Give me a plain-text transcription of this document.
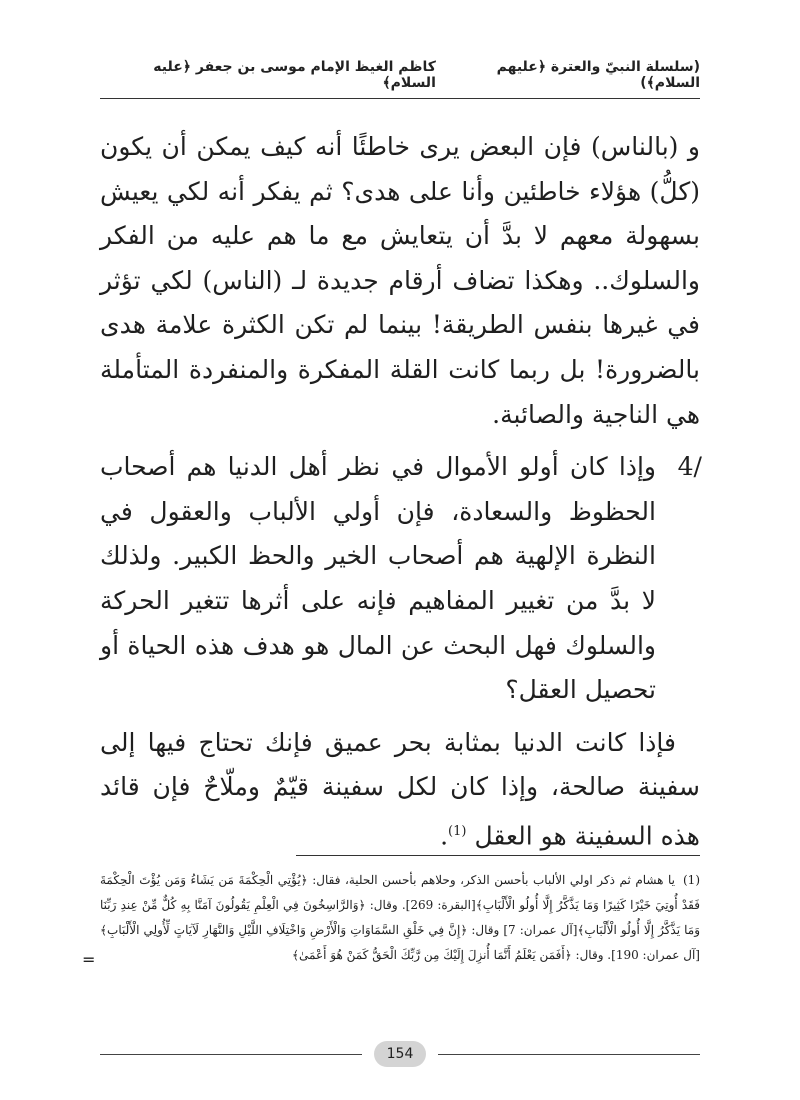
(سلسلة النبيّ والعترة ﴿عليهم السلام﴾)
كاظم الغيظ الإمام موسى بن جعفر ﴿عليه السلام﴾

و (بالناس) فإن البعض يرى خاطئًا أنه كيف يمكن أن يكون (كلُّ) هؤلاء خاطئين وأنا على هدى؟ ثم يفكر أنه لكي يعيش بسهولة معهم لا بدَّ أن يتعايش مع ما هم عليه من الفكر والسلوك.. وهكذا تضاف أرقام جديدة لـ (الناس) لكي تؤثر في غيرها بنفس الطريقة! بينما لم تكن الكثرة علامة هدى بالضرورة! بل ربما كانت القلة المفكرة والمنفردة المتأملة هي الناجية والصائبة.

4/
وإذا كان أولو الأموال في نظر أهل الدنيا هم أصحاب الحظوظ والسعادة، فإن أولي الألباب والعقول في النظرة الإلهية هم أصحاب الخير والحظ الكبير. ولذلك لا بدَّ من تغيير المفاهيم فإنه على أثرها تتغير الحركة والسلوك فهل البحث عن المال هو هدف هذه الحياة أو تحصيل العقل؟

فإذا كانت الدنيا بمثابة بحر عميق فإنك تحتاج فيها إلى سفينة صالحة، وإذا كان لكل سفينة قيّمٌ وملّاحٌ فإن قائد هذه السفينة هو العقل $^{(1)}$.

(1)يا هشام ثم ذكر اولي الألباب بأحسن الذكر، وحلاهم بأحسن الحلية، فقال: ﴿يُؤْتِي الْحِكْمَةَ مَن يَشَاءُ وَمَن يُؤْتَ الْحِكْمَةَ فَقَدْ أُوتِيَ خَيْرًا كَثِيرًا وَمَا يَذَّكَّرُ إِلَّا أُولُو الْأَلْبَابِ﴾[البقرة: 269]. وقال: ﴿وَالرَّاسِخُونَ فِي الْعِلْمِ يَقُولُونَ آمَنَّا بِهِ كُلٌّ مِّنْ عِندِ رَبِّنَا وَمَا يَذَّكَّرُ إِلَّا أُولُو الْأَلْبَابِ﴾[آل عمران: 7] وقال: ﴿إِنَّ فِي خَلْقِ السَّمَاوَاتِ وَالْأَرْضِ وَاخْتِلَافِ اللَّيْلِ وَالنَّهَارِ لَآيَاتٍ لِّأُولِي الْأَلْبَابِ﴾[آل عمران: 190]. وقال: ﴿أَفَمَن يَعْلَمُ أَنَّمَا أُنزِلَ إِلَيْكَ مِن رَّبِّكَ الْحَقُّ كَمَنْ هُوَ أَعْمَىٰ﴾
=
154
